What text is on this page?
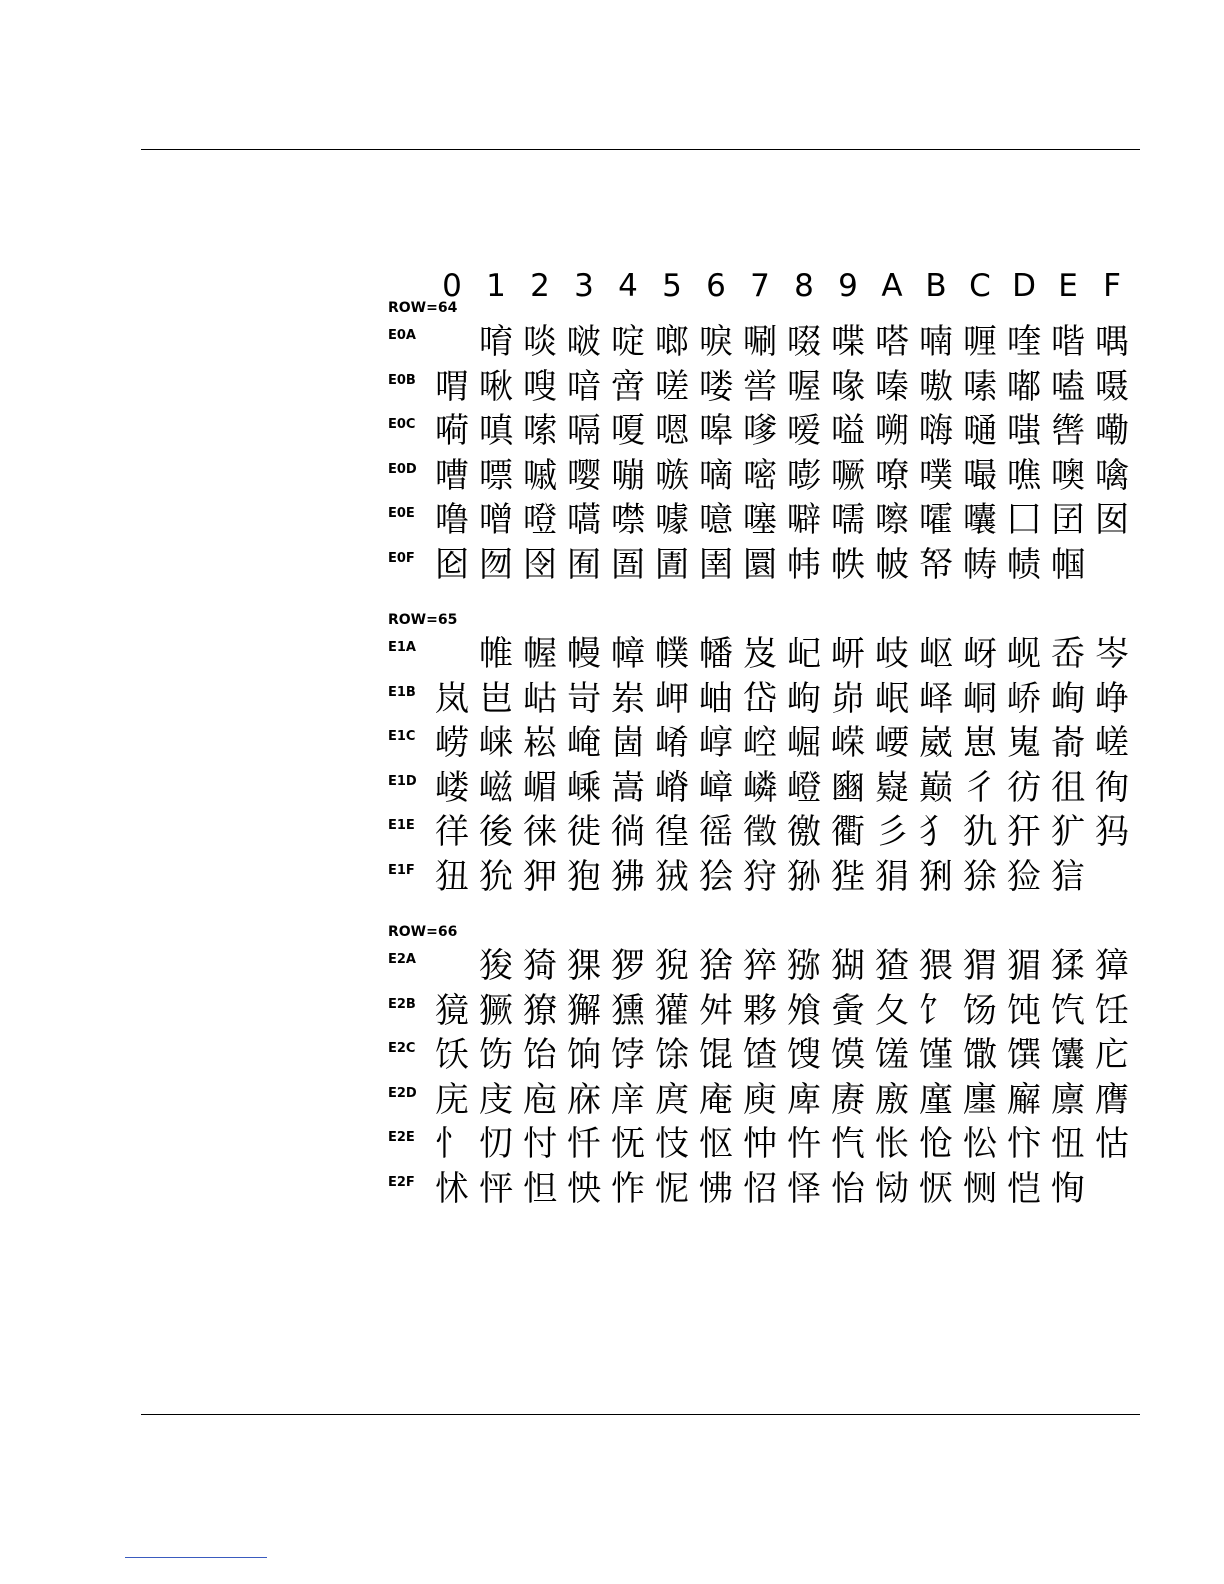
0 1 2 3 4 5 6 7 8 9 A B C D E F
ROW=64
E0A 唷 啖 啵 啶 啷 唳 唰 啜 喋 嗒 喃 喱 喹 喈 喁
E0B 喟 啾 嗖 喑 啻 嗟 喽 喾 喔 喙 嗪 嗷 嗉 嘟 嗑 嗫
E0C 嗬 嗔 嗦 嗝 嗄 嗯 嗥 嗲 嗳 嗌 嗍 嗨 嗵 嗤 辔 嘞
E0D 嘈 嘌 嘁 嘤 嘣 嗾 嘀 嘧 嘭 噘 嘹 噗 嘬 噍 噢 噙
E0E 噜 噌 噔 嚆 噤 噱 噫 噻 噼 嚅 嚓 嚯 囔 囗 囝 囡
E0F 囵 囫 囹 囿 圄 圊 圉 圜 帏 帙 帔 帑 帱 帻 帼
ROW=65
E1A 帷 幄 幔 幛 幞 幡 岌 屺 岍 岐 岖 岈 岘 岙 岑
E1B 岚 岜 岵 岢 岽 岬 岫 岱 岣 峁 岷 峄 峒 峤 峋 峥
E1C 崂 崃 崧 崦 崮 崤 崞 崆 崛 嵘 崾 崴 崽 嵬 嵛 嵯
E1D 嵝 嵫 嵋 嵊 嵩 嵴 嶂 嶙 嶝 豳 嶷 巅 彳 彷 徂 徇
E1E 徉 後 徕 徙 徜 徨 徭 徵 徼 衢 彡 犭 犰 犴 犷 犸
E1F 狃 狁 狎 狍 狒 狨 狯 狩 狲 狴 狷 猁 狳 猃 狺
ROW=66
E2A 狻 猗 猓 猡 猊 猞 猝 猕 猢 猹 猥 猬 猸 猱 獐
E2B 獍 獗 獠 獬 獯 獾 舛 夥 飧 夤 夂 饣 饧 饨 饩 饪
E2C 饫 饬 饴 饷 饽 馀 馄 馇 馊 馍 馐 馑 馓 馔 馕 庀
E2D 庑 庋 庖 庥 庠 庹 庵 庾 庳 赓 廒 廑 廛 廨 廪 膺
E2E 忄 忉 忖 忏 怃 忮 怄 忡 忤 忾 怅 怆 忪 忭 忸 怙
E2F 怵 怦 怛 怏 怍 怩 怫 怊 怿 怡 恸 恹 恻 恺 恂
